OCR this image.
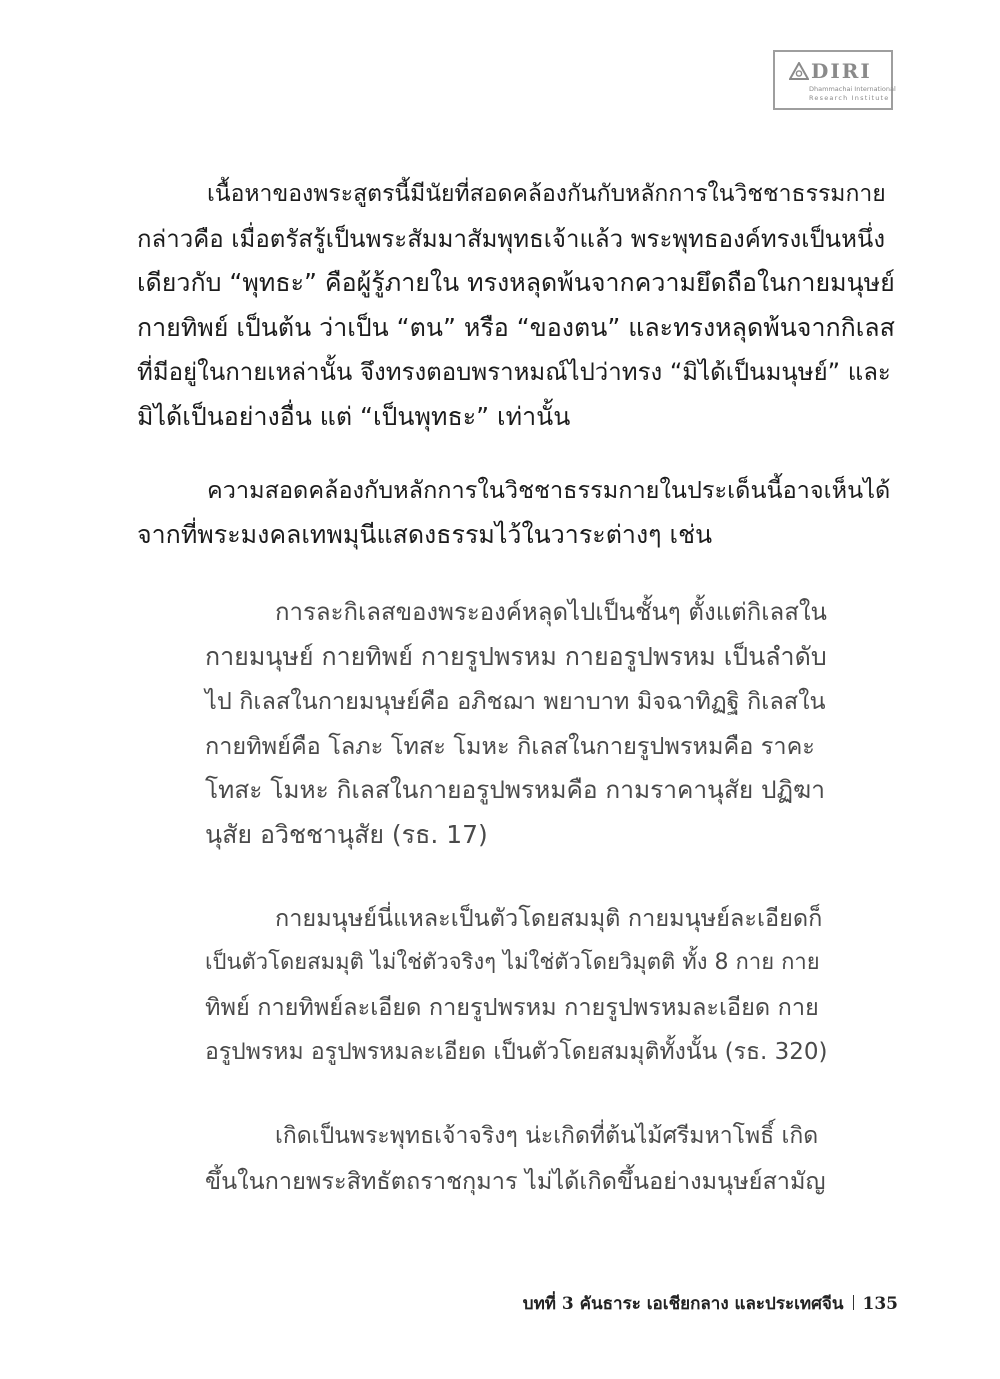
DIRI
Dhammachai International
Research Institute
เนื้อหาของพระสูตรนี้มีนัยที่สอดคล้องกันกับหลักการในวิชชาธรรมกาย
กล่าวคือ เมื่อตรัสรู้เป็นพระสัมมาสัมพุทธเจ้าแล้ว พระพุทธองค์ทรงเป็นหนึ่ง
เดียวกับ “พุทธะ” คือผู้รู้ภายใน ทรงหลุดพ้นจากความยึดถือในกายมนุษย์
กายทิพย์ เป็นต้น ว่าเป็น “ตน” หรือ “ของตน” และทรงหลุดพ้นจากกิเลส
ที่มีอยู่ในกายเหล่านั้น จึงทรงตอบพราหมณ์ไปว่าทรง “มิได้เป็นมนุษย์” และ
มิได้เป็นอย่างอื่น แต่ “เป็นพุทธะ” เท่านั้น
ความสอดคล้องกับหลักการในวิชชาธรรมกายในประเด็นนี้อาจเห็นได้
จากที่พระมงคลเทพมุนีแสดงธรรมไว้ในวาระต่างๆ เช่น
การละกิเลสของพระองค์หลุดไปเป็นชั้นๆ ตั้งแต่กิเลสใน
กายมนุษย์ กายทิพย์ กายรูปพรหม กายอรูปพรหม เป็นลำดับ
ไป กิเลสในกายมนุษย์คือ อภิชฌา พยาบาท มิจฉาทิฏฐิ กิเลสใน
กายทิพย์คือ โลภะ โทสะ โมหะ กิเลสในกายรูปพรหมคือ ราคะ
โทสะ โมหะ กิเลสในกายอรูปพรหมคือ กามราคานุสัย ปฏิฆา
นุสัย อวิชชานุสัย (รธ. 17)
กายมนุษย์นี่แหละเป็นตัวโดยสมมุติ กายมนุษย์ละเอียดก็
เป็นตัวโดยสมมุติ ไม่ใช่ตัวจริงๆ ไม่ใช่ตัวโดยวิมุตติ ทั้ง 8 กาย กาย
ทิพย์ กายทิพย์ละเอียด กายรูปพรหม กายรูปพรหมละเอียด กาย
อรูปพรหม อรูปพรหมละเอียด เป็นตัวโดยสมมุติทั้งนั้น (รธ. 320)
เกิดเป็นพระพุทธเจ้าจริงๆ น่ะเกิดที่ต้นไม้ศรีมหาโพธิ์ เกิด
ขึ้นในกายพระสิทธัตถราชกุมาร ไม่ได้เกิดขึ้นอย่างมนุษย์สามัญ
บทที่ 3 คันธาระ เอเชียกลาง และประเทศจีน 135
